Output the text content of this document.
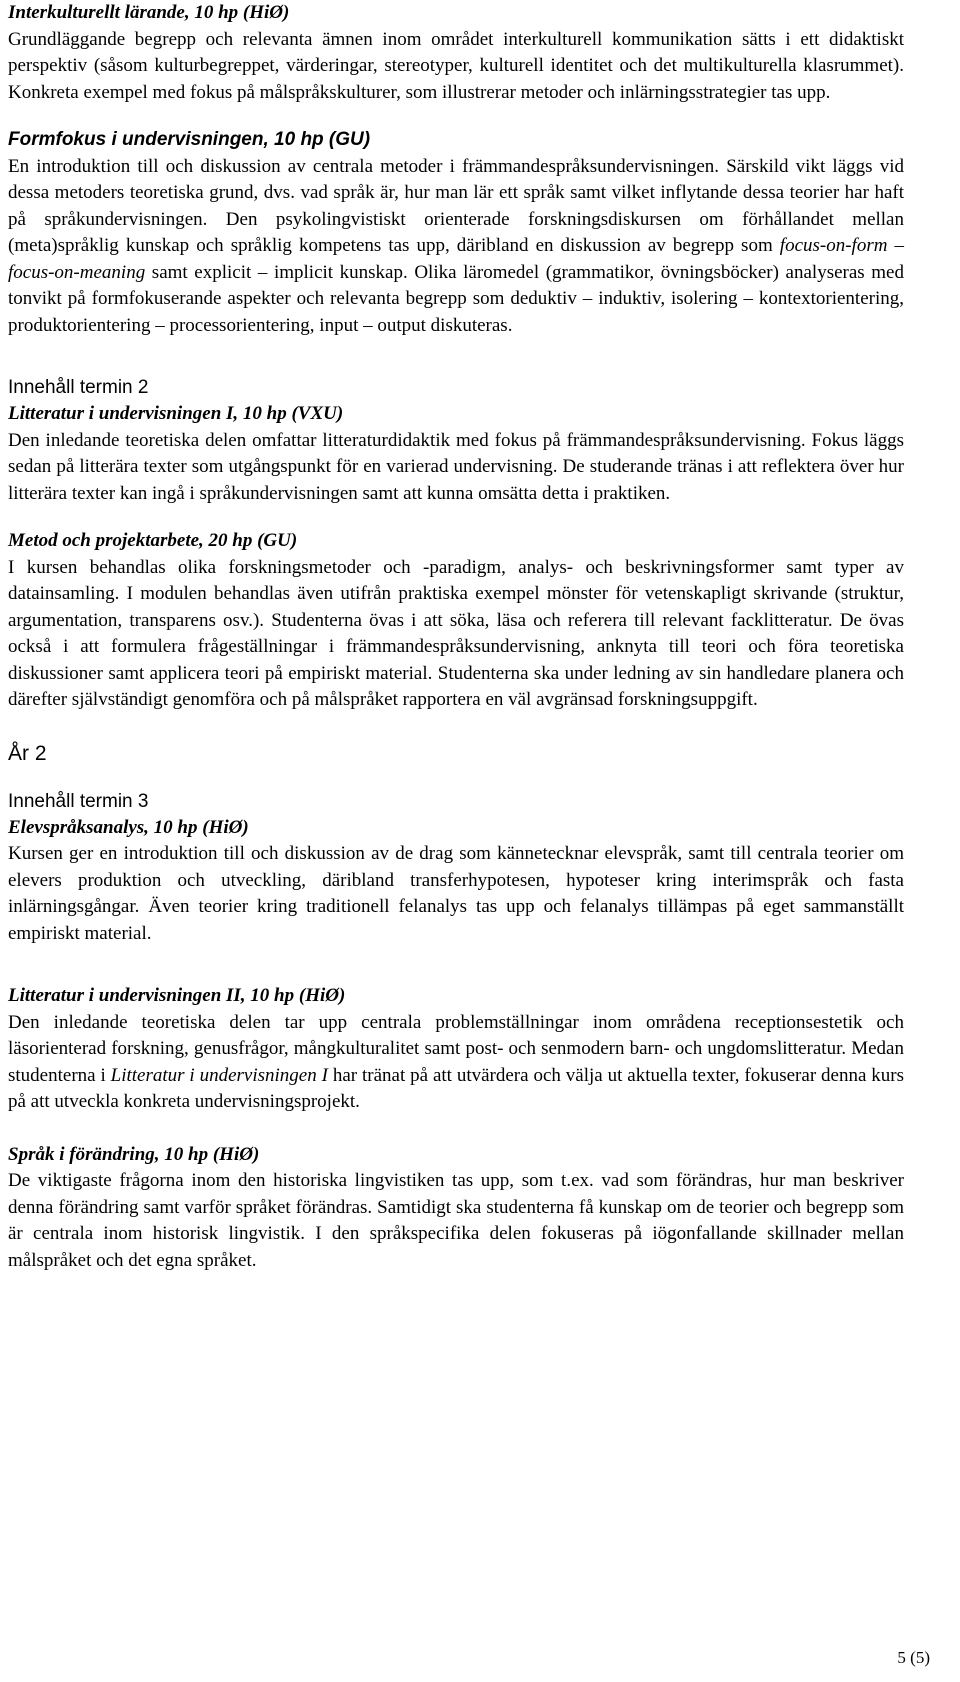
Interkulturellt lärande, 10 hp (HiØ)

Grundläggande begrepp och relevanta ämnen inom området interkulturell kommunikation sätts i ett didaktiskt perspektiv (såsom kulturbegreppet, värderingar, stereotyper, kulturell identitet och det multikulturella klasrummet). Konkreta exempel med fokus på målspråkskulturer, som illustrerar metoder och inlärningsstrategier tas upp.

Formfokus i undervisningen, 10 hp (GU)

En introduktion till och diskussion av centrala metoder i främmandespråksundervisningen. Särskild vikt läggs vid dessa metoders teoretiska grund, dvs. vad språk är, hur man lär ett språk samt vilket inflytande dessa teorier har haft på språkundervisningen. Den psykolingvistiskt orienterade forskningsdiskursen om förhållandet mellan (meta)språklig kunskap och språklig kompetens tas upp, däribland en diskussion av begrepp som focus-on-form – focus-on-meaning samt explicit – implicit kunskap. Olika läromedel (grammatikor, övningsböcker) analyseras med tonvikt på formfokuserande aspekter och relevanta begrepp som deduktiv – induktiv, isolering – kontextorientering, produktorientering – processorientering, input – output diskuteras.

Innehåll termin 2
Litteratur i undervisningen I, 10 hp (VXU)

Den inledande teoretiska delen omfattar litteraturdidaktik med fokus på främmandespråksundervisning. Fokus läggs sedan på litterära texter som utgångspunkt för en varierad undervisning. De studerande tränas i att reflektera över hur litterära texter kan ingå i språkundervisningen samt att kunna omsätta detta i praktiken.

Metod och projektarbete, 20 hp (GU)

I kursen behandlas olika forskningsmetoder och -paradigm, analys- och beskrivningsformer samt typer av datainsamling. I modulen behandlas även utifrån praktiska exempel mönster för vetenskapligt skrivande (struktur, argumentation, transparens osv.). Studenterna övas i att söka, läsa och referera till relevant facklitteratur. De övas också i att formulera frågeställningar i främmandespråksundervisning, anknyta till teori och föra teoretiska diskussioner samt applicera teori på empiriskt material. Studenterna ska under ledning av sin handledare planera och därefter självständigt genomföra och på målspråket rapportera en väl avgränsad forskningsuppgift.

År 2
Innehåll termin 3
Elevspråksanalys, 10 hp (HiØ)

Kursen ger en introduktion till och diskussion av de drag som kännetecknar elevspråk, samt till centrala teorier om elevers produktion och utveckling, däribland transferhypotesen, hypoteser kring interimspråk och fasta inlärningsgångar. Även teorier kring traditionell felanalys tas upp och felanalys tillämpas på eget sammanställt empiriskt material.

Litteratur i undervisningen II, 10 hp (HiØ)

Den inledande teoretiska delen tar upp centrala problemställningar inom områdena receptionsestetik och läsorienterad forskning, genusfrågor, mångkulturalitet samt post- och senmodern barn- och ungdomslitteratur. Medan studenterna i Litteratur i undervisningen I har tränat på att utvärdera och välja ut aktuella texter, fokuserar denna kurs på att utveckla konkreta undervisningsprojekt.

Språk i förändring, 10 hp (HiØ)

De viktigaste frågorna inom den historiska lingvistiken tas upp, som t.ex. vad som förändras, hur man beskriver denna förändring samt varför språket förändras. Samtidigt ska studenterna få kunskap om de teorier och begrepp som är centrala inom historisk lingvistik. I den språkspecifika delen fokuseras på iögonfallande skillnader mellan målspråket och det egna språket.

5 (5)
